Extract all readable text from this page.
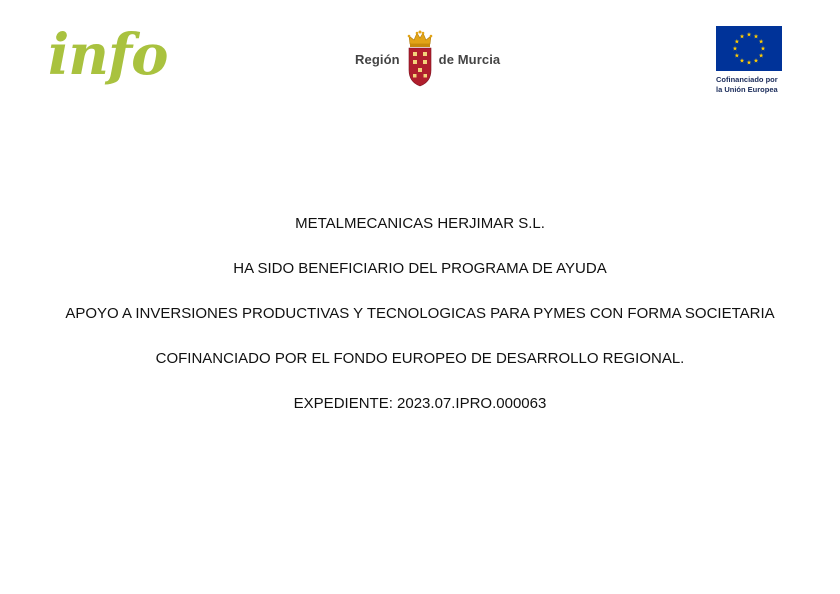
info	Región	de Murcia
Cofinanciado por
la Unión Europea

METALMECANICAS HERJIMAR S.L.

HA SIDO BENEFICIARIO DEL PROGRAMA DE AYUDA

APOYO A INVERSIONES PRODUCTIVAS Y TECNOLOGICAS PARA PYMES CON FORMA SOCIETARIA

COFINANCIADO POR EL FONDO EUROPEO DE DESARROLLO REGIONAL.

EXPEDIENTE: 2023.07.IPRO.000063
